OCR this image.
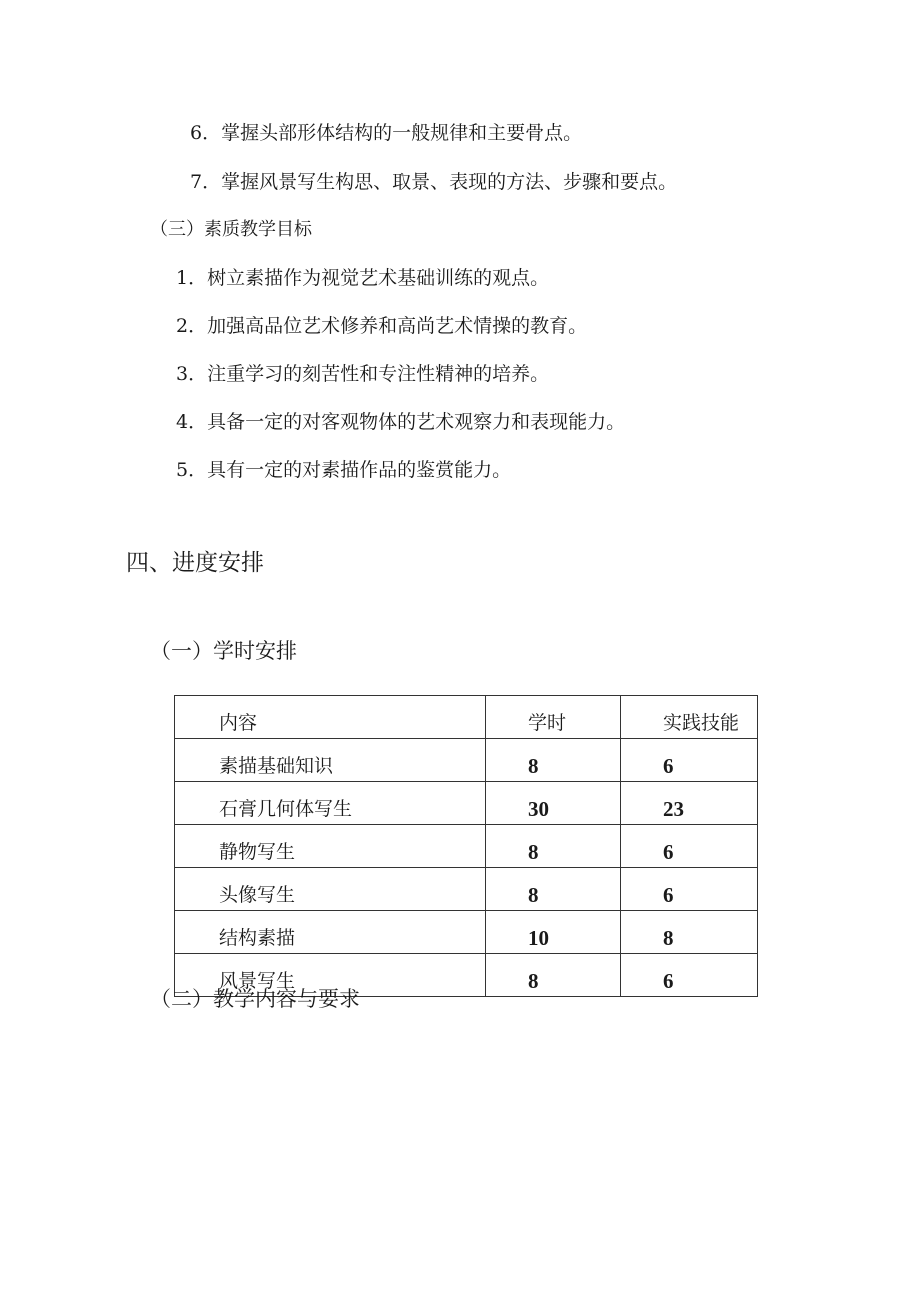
6．掌握头部形体结构的一般规律和主要骨点。
7．掌握风景写生构思、取景、表现的方法、步骤和要点。
（三）素质教学目标
1．树立素描作为视觉艺术基础训练的观点。
2．加强高品位艺术修养和高尚艺术情操的教育。
3．注重学习的刻苦性和专注性精神的培养。
4．具备一定的对客观物体的艺术观察力和表现能力。
5．具有一定的对素描作品的鉴赏能力。
四、进度安排
（一）学时安排
内容	学时	实践技能
素描基础知识	8	6
石膏几何体写生	30	23
静物写生	8	6
头像写生	8	6
结构素描	10	8
风景写生	8	6
（二）教学内容与要求
